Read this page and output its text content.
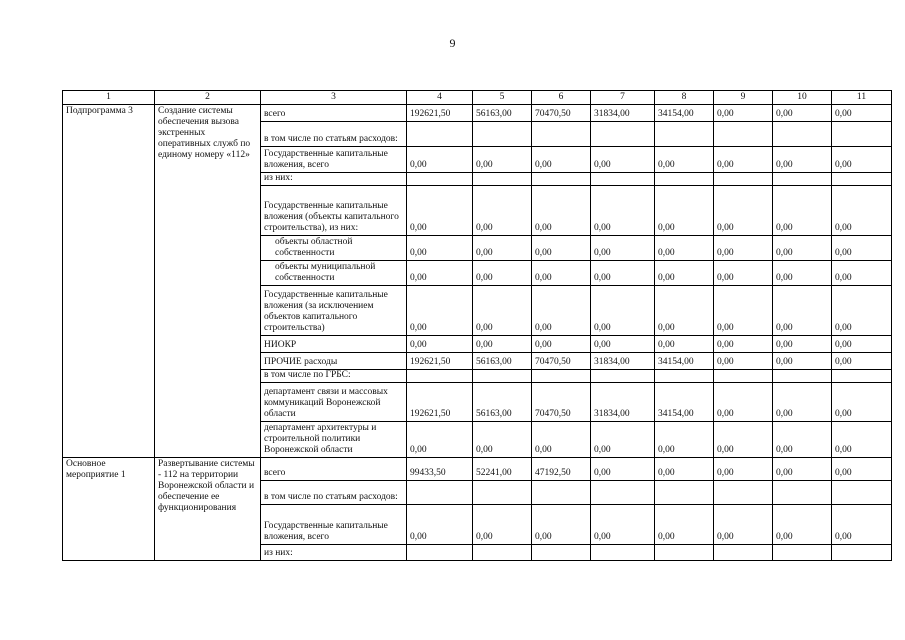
9
1	2	3	4	5	6	7	8	9	10	11
Подпрограмма 3	Создание системы обеспечения вызова экстренных оперативных служб по единому номеру «112»	всего	192621,50	56163,00	70470,50	31834,00	34154,00	0,00	0,00	0,00
		в том числе по статьям расходов:								
		Государственные капитальные вложения, всего	0,00	0,00	0,00	0,00	0,00	0,00	0,00	0,00
		из них:								
		Государственные капитальные вложения (объекты капитального строительства), из них:	0,00	0,00	0,00	0,00	0,00	0,00	0,00	0,00
		объекты областной собственности	0,00	0,00	0,00	0,00	0,00	0,00	0,00	0,00
		объекты муниципальной собственности	0,00	0,00	0,00	0,00	0,00	0,00	0,00	0,00
		Государственные капитальные вложения (за исключением объектов капитального строительства)	0,00	0,00	0,00	0,00	0,00	0,00	0,00	0,00
		НИОКР	0,00	0,00	0,00	0,00	0,00	0,00	0,00	0,00
		ПРОЧИЕ расходы	192621,50	56163,00	70470,50	31834,00	34154,00	0,00	0,00	0,00
		в том числе по ГРБС:								
		департамент связи и массовых коммуникаций Воронежской области	192621,50	56163,00	70470,50	31834,00	34154,00	0,00	0,00	0,00
		департамент архитектуры и строительной политики Воронежской области	0,00	0,00	0,00	0,00	0,00	0,00	0,00	0,00
Основное мероприятие 1	Развертывание системы - 112 на территории Воронежской области и обеспечение ее функционирования	всего	99433,50	52241,00	47192,50	0,00	0,00	0,00	0,00	0,00
		в том числе по статьям расходов:								
		Государственные капитальные вложения, всего	0,00	0,00	0,00	0,00	0,00	0,00	0,00	0,00
		из них:								
